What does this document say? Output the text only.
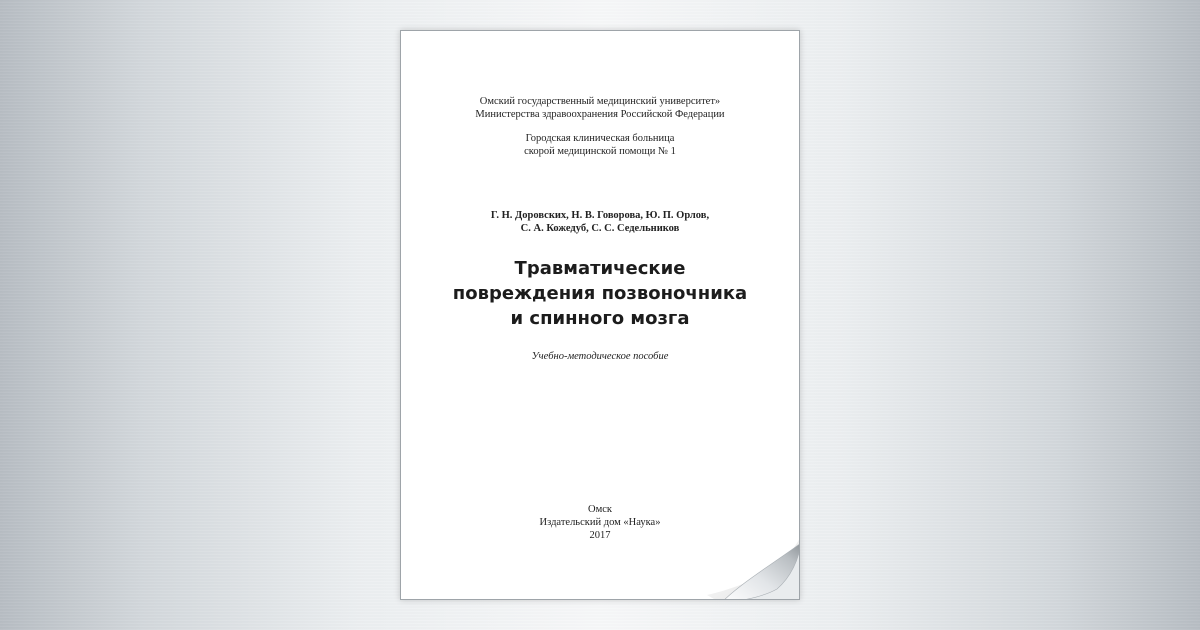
Омский государственный медицинский университет»
Министерства здравоохранения Российской Федерации
Городская клиническая больница
скорой медицинской помощи № 1
Г. Н. Доровских, Н. В. Говорова, Ю. П. Орлов,
С. А. Кожедуб, С. С. Седельников
Травматические
повреждения позвоночника
и спинного мозга
Учебно-методическое пособие
Омск
Издательский дом «Наука»
2017
